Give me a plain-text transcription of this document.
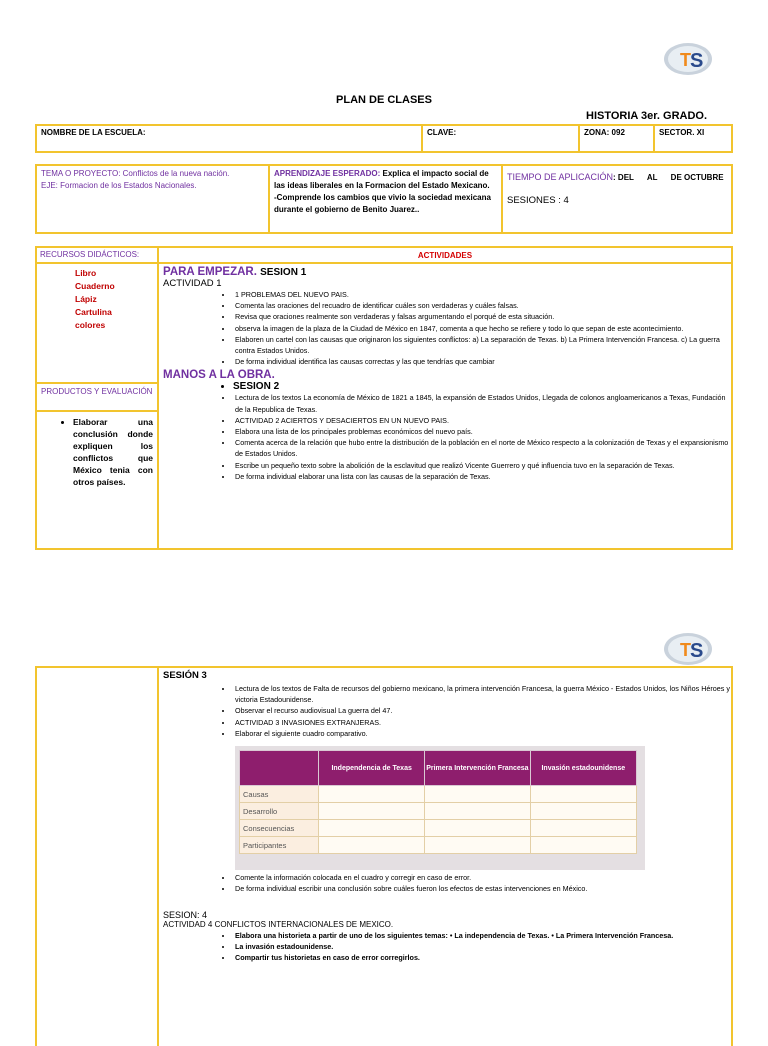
T S
T S
PLAN DE CLASES
HISTORIA 3er. GRADO.
NOMBRE DE LA ESCUELA:	CLAVE:	ZONA: 092	SECTOR. XI
TEMA O PROYECTO: Conflictos de la nueva nación.
EJE: Formacion de los Estados Nacionales.
APRENDIZAJE ESPERADO: Explica el impacto social de las ideas liberales en la Formacion del Estado Mexicano.
-Comprende los cambios que vivio la sociedad mexicana durante el gobierno de Benito Juarez..
TIEMPO DE APLICACIÓN: DEL      AL      DE OCTUBRE
SESIONES : 4
RECURSOS DIDÁCTICOS:
Libro
Cuaderno
Lápiz
Cartulina
colores
PRODUCTOS Y EVALUACIÓN
• Elaborar una conclusión donde expliquen los conflictos que México tenia con otros países.
ACTIVIDADES
PARA EMPEZAR. SESION 1
ACTIVIDAD 1
• 1 PROBLEMAS DEL NUEVO PAIS.
• Comenta las oraciones del recuadro de identificar cuáles son verdaderas y cuáles falsas.
• Revisa que oraciones realmente son verdaderas y falsas argumentando el porqué de esta situación.
• observa la imagen de la plaza de la Ciudad de México en 1847, comenta a que hecho se refiere y todo lo que sepan de este acontecimiento.
• Elaboren un cartel con las causas que originaron los siguientes conflictos: a) La separación de Texas. b) La Primera Intervención Francesa. c) La guerra contra Estados Unidos.
• De forma individual identifica las causas correctas y las que tendrías que cambiar
MANOS A LA OBRA.
• SESION 2
• Lectura de los textos La economía de México de 1821 a 1845, la expansión de Estados Unidos, Llegada de colonos angloamericanos a Texas, Fundación de la Republica de Texas.
• ACTIVIDAD 2 ACIERTOS Y DESACIERTOS EN UN NUEVO PAIS.
• Elabora una lista de los principales problemas económicos del nuevo país.
• Comenta acerca de la relación que hubo entre la distribución de la población en el norte de México respecto a la colonización de Texas y el expansionismo de Estados Unidos.
• Escribe un pequeño texto sobre la abolición de la esclavitud que realizó Vicente Guerrero y qué influencia tuvo en la separación de Texas.
• De forma individual elaborar una lista con las causas de la separación de Texas.
SESIÓN 3
• Lectura de los textos de Falta de recursos del gobierno mexicano, la primera intervención Francesa, la guerra México - Estados Unidos, los Niños Héroes y victoria Estadounidense.
• Observar el recurso audiovisual La guerra del 47.
• ACTIVIDAD 3 INVASIONES EXTRANJERAS.
• Elaborar el siguiente cuadro comparativo.
	Independencia de Texas	Primera Intervención Francesa	Invasión estadounidense
Causas			
Desarrollo			
Consecuencias			
Participantes			
• Comente la información colocada en el cuadro y corregir en caso de error.
• De forma individual escribir una conclusión sobre cuáles fueron los efectos de estas intervenciones en México.
SESION: 4
ACTIVIDAD 4 CONFLICTOS INTERNACIONALES DE MEXICO.
• Elabora una historieta a partir de uno de los siguientes temas: • La independencia de Texas. • La Primera Intervención Francesa.
• La invasión estadounidense.
• Compartir tus historietas en caso de error corregirlos.
